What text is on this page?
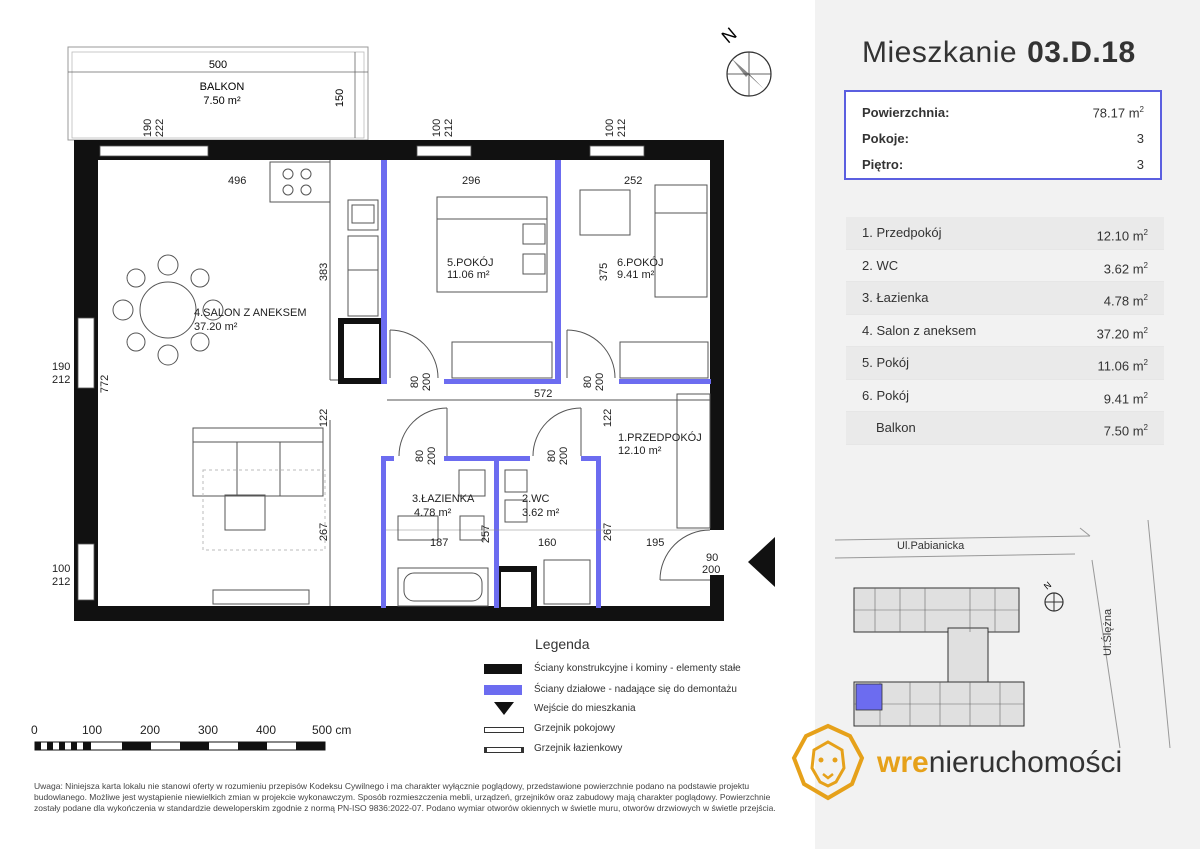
500
150
BALKON
7.50 m²
4.SALON Z ANEKSEM
37.20 m²
5.POKÓJ
11.06 m²
6.POKÓJ
9.41 m²
3.ŁAZIENKA
4.78 m²
2.WC
3.62 m²
1.PRZEDPOKÓJ
12.10 m²
496	296	252
572
187	160	195
383	375
772
122	122
267	267
257
190 222	100 212	100 212
190
212
100
212
80 200	80 200
80 200	80 200
90
200
N
0	100	200	300	400	500 cm
Legenda
Ściany konstrukcyjne i kominy - elementy stałe
Ściany działowe - nadające się do demontażu
Wejście do mieszkania
Grzejnik pokojowy
Grzejnik łazienkowy
Uwaga: Niniejsza karta lokalu nie stanowi oferty w rozumieniu przepisów Kodeksu Cywilnego i ma charakter wyłącznie poglądowy, przedstawione powierzchnie podano na podstawie projektu budowlanego. Możliwe jest wystąpienie niewielkich zmian w projekcie wykonawczym. Sposób rozmieszczenia mebli, urządzeń, grzejników oraz zabudowy mają charakter poglądowy. Powierzchnie zostały podane dla wykończenia w standardzie deweloperskim zgodnie z normą PN-ISO 9836:2022-07. Podano wymiar otworów okiennych w świetle muru, otworów drzwiowych w świetle przejścia.
Mieszkanie 03.D.18
Powierzchnia:	78.17 $m^2$
Pokoje:	3
Piętro:	3
1. Przedpokój	12.10 $m^2$
2. WC	3.62 $m^2$
3. Łazienka	4.78 $m^2$
4. Salon z aneksem	37.20 $m^2$
5. Pokój	11.06 $m^2$
6. Pokój	9.41 $m^2$
Balkon	7.50 $m^2$
N
Ul.Pabianicka
Ul.Ślężna
wrenieruchomości
